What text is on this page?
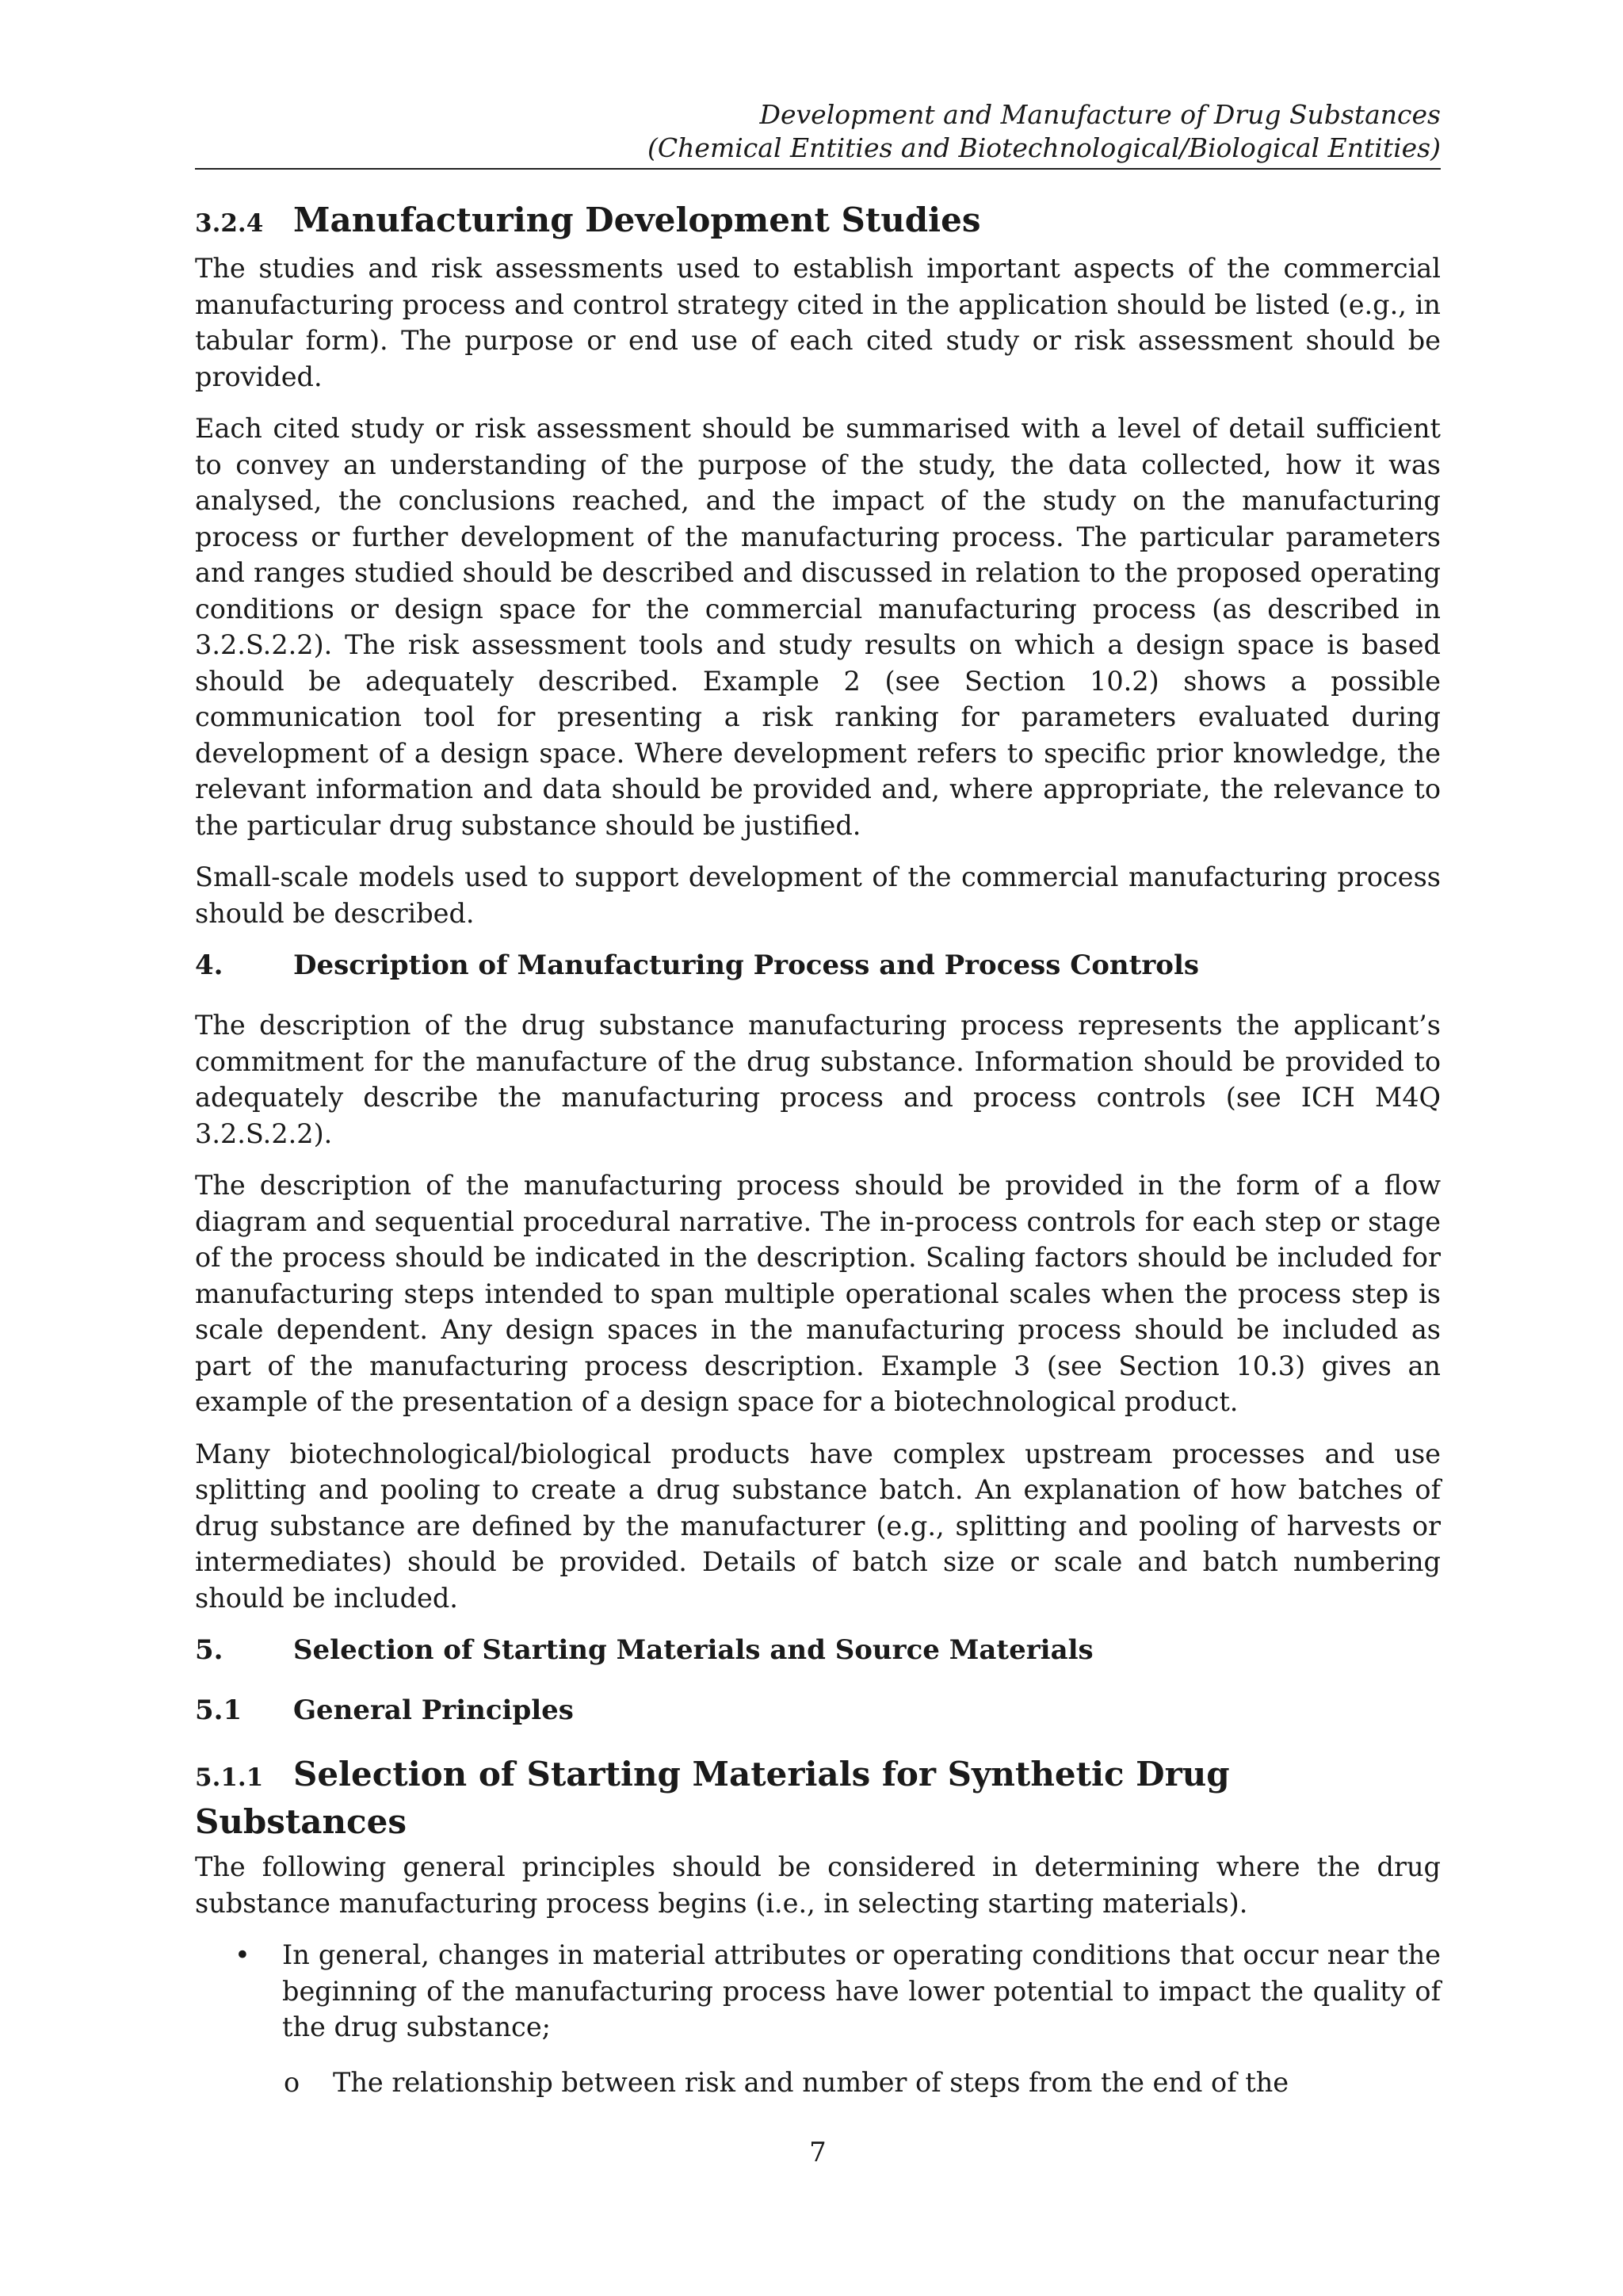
Development and Manufacture of Drug Substances
(Chemical Entities and Biotechnological/Biological Entities)
3.2.4 Manufacturing Development Studies

The studies and risk assessments used to establish important aspects of the commercial manufacturing process and control strategy cited in the application should be listed (e.g., in tabular form). The purpose or end use of each cited study or risk assessment should be provided.

Each cited study or risk assessment should be summarised with a level of detail sufficient to convey an understanding of the purpose of the study, the data collected, how it was analysed, the conclusions reached, and the impact of the study on the manufacturing process or further development of the manufacturing process. The particular parameters and ranges studied should be described and discussed in relation to the proposed operating conditions or design space for the commercial manufacturing process (as described in 3.2.S.2.2). The risk assessment tools and study results on which a design space is based should be adequately described. Example 2 (see Section 10.2) shows a possible communication tool for presenting a risk ranking for parameters evaluated during development of a design space. Where development refers to specific prior knowledge, the relevant information and data should be provided and, where appropriate, the relevance to the particular drug substance should be justified.

Small-scale models used to support development of the commercial manufacturing process should be described.

4.	Description of Manufacturing Process and Process Controls

The description of the drug substance manufacturing process represents the applicant’s commitment for the manufacture of the drug substance. Information should be provided to adequately describe the manufacturing process and process controls (see ICH M4Q 3.2.S.2.2).

The description of the manufacturing process should be provided in the form of a flow diagram and sequential procedural narrative. The in-process controls for each step or stage of the process should be indicated in the description. Scaling factors should be included for manufacturing steps intended to span multiple operational scales when the process step is scale dependent. Any design spaces in the manufacturing process should be included as part of the manufacturing process description. Example 3 (see Section 10.3) gives an example of the presentation of a design space for a biotechnological product.

Many biotechnological/biological products have complex upstream processes and use splitting and pooling to create a drug substance batch. An explanation of how batches of drug substance are defined by the manufacturer (e.g., splitting and pooling of harvests or intermediates) should be provided. Details of batch size or scale and batch numbering should be included.

5.	Selection of Starting Materials and Source Materials
5.1 General Principles
5.1.1 Selection of Starting Materials for Synthetic Drug Substances

The following general principles should be considered in determining where the drug substance manufacturing process begins (i.e., in selecting starting materials).

• In general, changes in material attributes or operating conditions that occur near the beginning of the manufacturing process have lower potential to impact the quality of the drug substance;
o The relationship between risk and number of steps from the end of the
7
